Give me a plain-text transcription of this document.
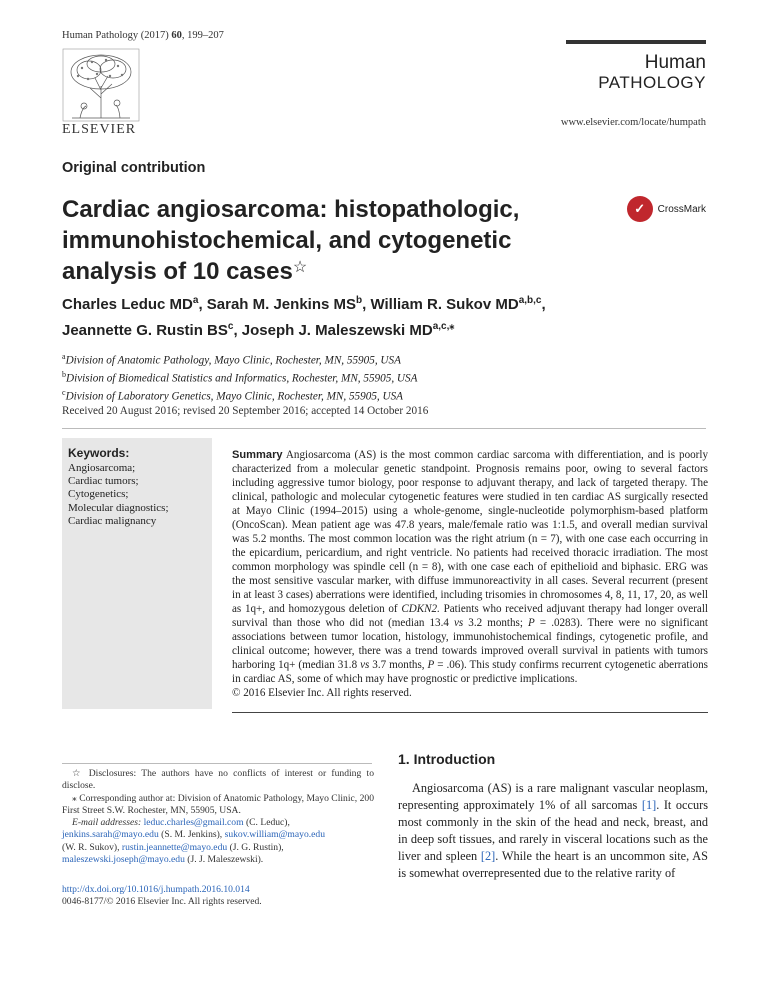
Human Pathology (2017) 60, 199–207
ELSEVIER
Human
PATHOLOGY
www.elsevier.com/locate/humpath
Original contribution
Cardiac angiosarcoma: histopathologic, immunohistochemical, and cytogenetic analysis of 10 cases☆
✓	CrossMark
Charles Leduc $MD^a$, Sarah M. Jenkins $MS^b$, William R. Sukov MD$^{a,b,c}$,
Jeannette G. Rustin $BS^c$, Joseph J. Maleszewski $MD^{a,c,⁎}$
$^a$Division of Anatomic Pathology, Mayo Clinic, Rochester, MN, 55905, USA
$^b$Division of Biomedical Statistics and Informatics, Rochester, MN, 55905, USA
$^c$Division of Laboratory Genetics, Mayo Clinic, Rochester, MN, 55905, USA
Received 20 August 2016; revised 20 September 2016; accepted 14 October 2016
Keywords:
Angiosarcoma;
Cardiac tumors;
Cytogenetics;
Molecular diagnostics;
Cardiac malignancy
Summary Angiosarcoma (AS) is the most common cardiac sarcoma with differentiation, and is poorly characterized from a molecular genetic standpoint. Prognosis remains poor, owing to several factors including aggressive tumor biology, poor response to adjuvant therapy, and lack of targeted therapy. The clinical, pathologic and molecular cytogenetic features were studied in ten cardiac AS surgically resected at Mayo Clinic (1994–2015) using a whole-genome, single-nucleotide polymorphism-based platform (OncoScan). Mean patient age was 47.8 years, male/female ratio was 1:1.5, and overall median survival was 5.2 months. The most common location was the right atrium (n = 7), with one case each occurring in the epicardium, pericardium, and right ventricle. No patients had received thoracic irradiation. The most common morphology was spindle cell (n = 8), with one case each of epithelioid and biphasic. ERG was the most sensitive vascular marker, with diffuse immunoreactivity in all cases. Several recurrent (present in at least 3 cases) aberrations were identified, including trisomies in chromosomes 4, 8, 11, 17, 20, as well as 1q+, and homozygous deletion of CDKN2. Patients who received adjuvant therapy had longer overall survival than those who did not (median 13.4 vs 3.2 months; P = .0283). There were no significant associations between tumor location, histology, immunohistochemical findings, cytogenetic profile, and clinical outcome; however, there was a trend towards improved overall survival in patients with tumors harboring 1q+ (median 31.8 vs 3.7 months, P = .06). This study confirms recurrent cytogenetic aberrations in cardiac AS, some of which may have prognostic or predictive implications.
© 2016 Elsevier Inc. All rights reserved.

☆ Disclosures: The authors have no conflicts of interest or funding to disclose.

⁎ Corresponding author at: Division of Anatomic Pathology, Mayo Clinic, 200 First Street S.W. Rochester, MN, 55905, USA.

E-mail addresses: leduc.charles@gmail.com (C. Leduc),

jenkins.sarah@mayo.edu (S. M. Jenkins), sukov.william@mayo.edu

(W. R. Sukov), rustin.jeannette@mayo.edu (J. G. Rustin),

maleszewski.joseph@mayo.edu (J. J. Maleszewski).

http://dx.doi.org/10.1016/j.humpath.2016.10.014
0046-8177/© 2016 Elsevier Inc. All rights reserved.
1. Introduction
Angiosarcoma (AS) is a rare malignant vascular neoplasm, representing approximately 1% of all sarcomas [1]. It occurs most commonly in the skin of the head and neck, breast, and in deep soft tissues, and rarely in visceral locations such as the liver and spleen [2]. While the heart is an uncommon site, AS is somewhat overrepresented due to the relative rarity of
